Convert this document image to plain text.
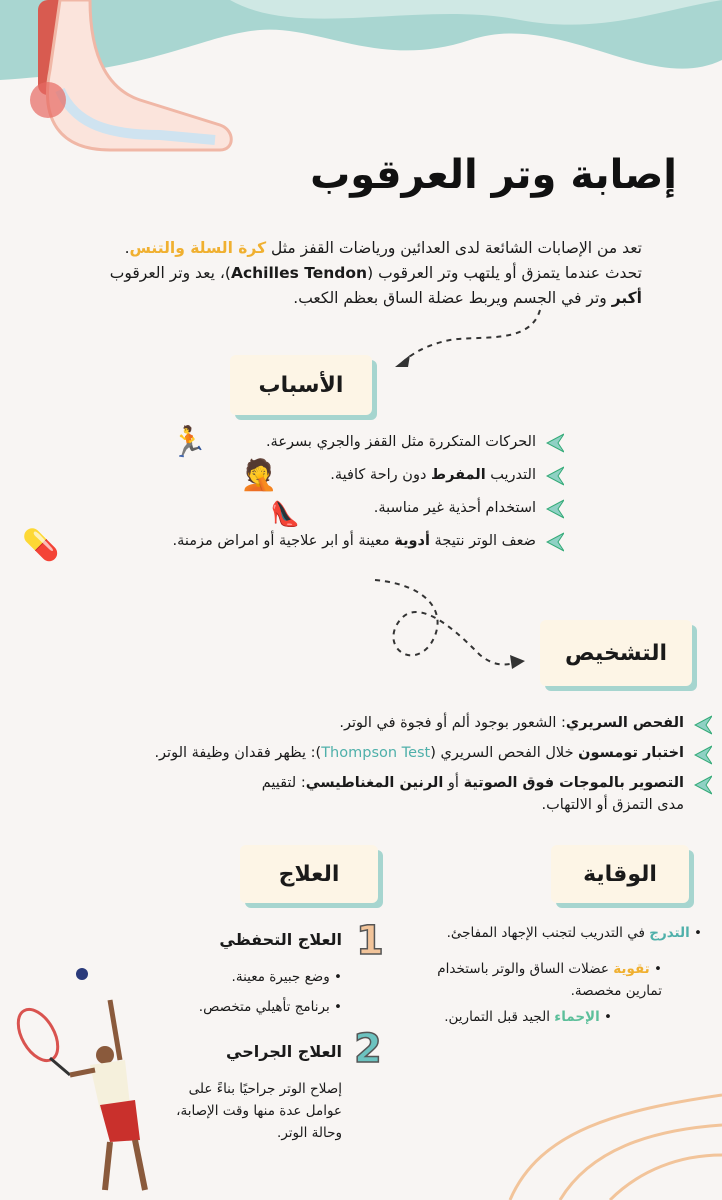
إصابة وتر العرقوب
تعد من الإصابات الشائعة لدى العدائين ورياضات القفز مثل كرة السلة والتنس.
تحدث عندما يتمزق أو يلتهب وتر العرقوب (Achilles Tendon)، يعد وتر العرقوب
أكبر وتر في الجسم ويربط عضلة الساق بعظم الكعب.
الأسباب
الحركات المتكررة مثل القفز والجري بسرعة.
التدريب المفرط دون راحة كافية.
استخدام أحذية غير مناسبة.
ضعف الوتر نتيجة أدوية معينة أو ابر علاجية أو امراض مزمنة.
🏃
🤦
👠
💊
التشخيص
الفحص السريري: الشعور بوجود ألم أو فجوة في الوتر.
اختبار تومسون خلال الفحص السريري (Thompson Test): يظهر فقدان وظيفة الوتر.
التصوير بالموجات فوق الصوتية أو الرنين المغناطيسي: لتقييم مدى التمزق أو الالتهاب.
العلاج	الوقاية
• التدرج في التدريب لتجنب الإجهاد المفاجئ.
• تقوية عضلات الساق والوتر باستخدام تمارين مخصصة.
• الإحماء الجيد قبل التمارين.
1
العلاج التحفظي
• وضع جبيرة معينة.
• برنامج تأهيلي متخصص.
2
العلاج الجراحي
إصلاح الوتر جراحيًا بناءً على عوامل عدة منها وقت الإصابة، وحالة الوتر.
